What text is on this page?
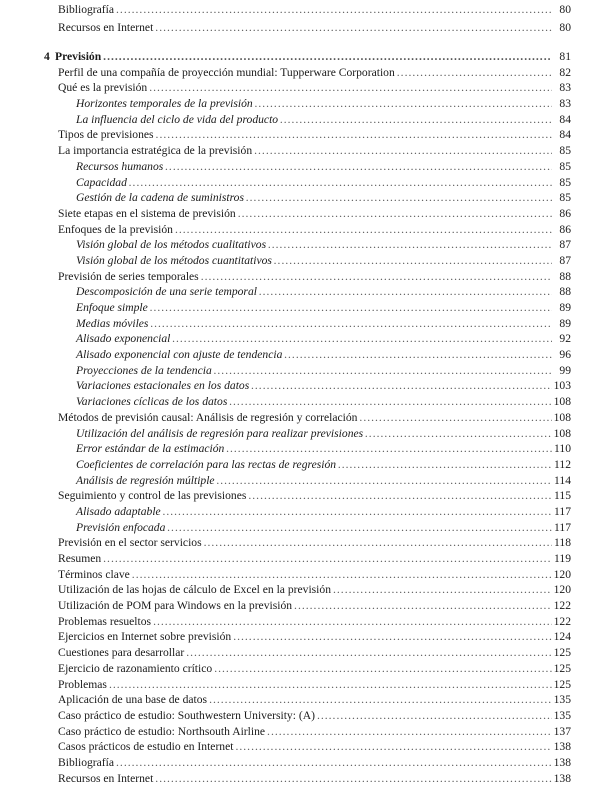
Bibliografía .....	80
Recursos en Internet .....	80
4 Previsión .....	81
Perfil de una compañía de proyección mundial: Tupperware Corporation .....	82
Qué es la previsión .....	83
Horizontes temporales de la previsión .....	83
La influencia del ciclo de vida del producto .....	84
Tipos de previsiones .....	84
La importancia estratégica de la previsión .....	85
Recursos humanos .....	85
Capacidad .....	85
Gestión de la cadena de suministros .....	85
Siete etapas en el sistema de previsión .....	86
Enfoques de la previsión .....	86
Visión global de los métodos cualitativos .....	87
Visión global de los métodos cuantitativos .....	87
Previsión de series temporales .....	88
Descomposición de una serie temporal .....	88
Enfoque simple .....	89
Medias móviles .....	89
Alisado exponencial .....	92
Alisado exponencial con ajuste de tendencia .....	96
Proyecciones de la tendencia .....	99
Variaciones estacionales en los datos .....	103
Variaciones cíclicas de los datos .....	108
Métodos de previsión causal: Análisis de regresión y correlación .....	108
Utilización del análisis de regresión para realizar previsiones .....	108
Error estándar de la estimación .....	110
Coeficientes de correlación para las rectas de regresión .....	112
Análisis de regresión múltiple .....	114
Seguimiento y control de las previsiones .....	115
Alisado adaptable .....	117
Previsión enfocada .....	117
Previsión en el sector servicios .....	118
Resumen .....	119
Términos clave .....	120
Utilización de las hojas de cálculo de Excel en la previsión .....	120
Utilización de POM para Windows en la previsión .....	122
Problemas resueltos .....	122
Ejercicios en Internet sobre previsión .....	124
Cuestiones para desarrollar .....	125
Ejercicio de razonamiento crítico .....	125
Problemas .....	125
Aplicación de una base de datos .....	135
Caso práctico de estudio: Southwestern University: (A) .....	135
Caso práctico de estudio: Northsouth Airline .....	137
Casos prácticos de estudio en Internet .....	138
Bibliografía .....	138
Recursos en Internet .....	138
